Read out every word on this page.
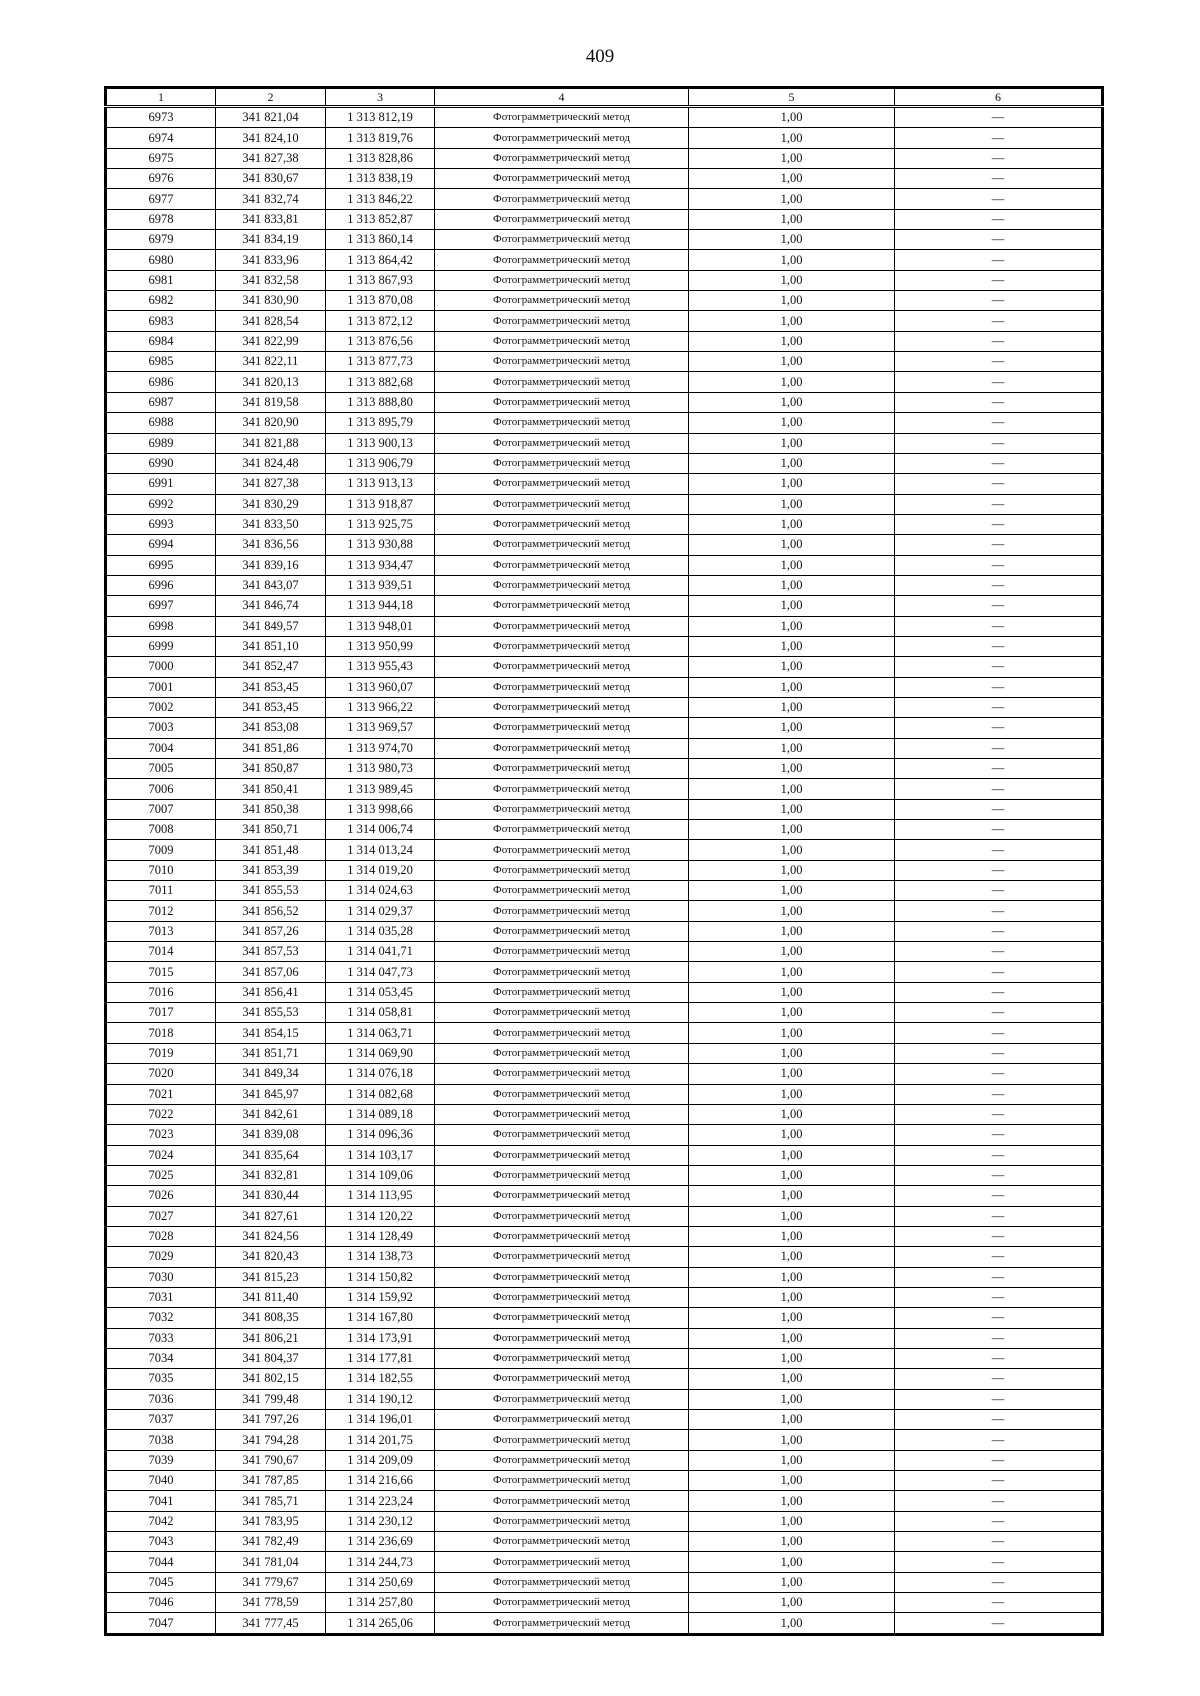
409
1	2	3	4	5	6
6973	341 821,04	1 313 812,19	Фотограмметрический метод	1,00	—
6974	341 824,10	1 313 819,76	Фотограмметрический метод	1,00	—
6975	341 827,38	1 313 828,86	Фотограмметрический метод	1,00	—
6976	341 830,67	1 313 838,19	Фотограмметрический метод	1,00	—
6977	341 832,74	1 313 846,22	Фотограмметрический метод	1,00	—
6978	341 833,81	1 313 852,87	Фотограмметрический метод	1,00	—
6979	341 834,19	1 313 860,14	Фотограмметрический метод	1,00	—
6980	341 833,96	1 313 864,42	Фотограмметрический метод	1,00	—
6981	341 832,58	1 313 867,93	Фотограмметрический метод	1,00	—
6982	341 830,90	1 313 870,08	Фотограмметрический метод	1,00	—
6983	341 828,54	1 313 872,12	Фотограмметрический метод	1,00	—
6984	341 822,99	1 313 876,56	Фотограмметрический метод	1,00	—
6985	341 822,11	1 313 877,73	Фотограмметрический метод	1,00	—
6986	341 820,13	1 313 882,68	Фотограмметрический метод	1,00	—
6987	341 819,58	1 313 888,80	Фотограмметрический метод	1,00	—
6988	341 820,90	1 313 895,79	Фотограмметрический метод	1,00	—
6989	341 821,88	1 313 900,13	Фотограмметрический метод	1,00	—
6990	341 824,48	1 313 906,79	Фотограмметрический метод	1,00	—
6991	341 827,38	1 313 913,13	Фотограмметрический метод	1,00	—
6992	341 830,29	1 313 918,87	Фотограмметрический метод	1,00	—
6993	341 833,50	1 313 925,75	Фотограмметрический метод	1,00	—
6994	341 836,56	1 313 930,88	Фотограмметрический метод	1,00	—
6995	341 839,16	1 313 934,47	Фотограмметрический метод	1,00	—
6996	341 843,07	1 313 939,51	Фотограмметрический метод	1,00	—
6997	341 846,74	1 313 944,18	Фотограмметрический метод	1,00	—
6998	341 849,57	1 313 948,01	Фотограмметрический метод	1,00	—
6999	341 851,10	1 313 950,99	Фотограмметрический метод	1,00	—
7000	341 852,47	1 313 955,43	Фотограмметрический метод	1,00	—
7001	341 853,45	1 313 960,07	Фотограмметрический метод	1,00	—
7002	341 853,45	1 313 966,22	Фотограмметрический метод	1,00	—
7003	341 853,08	1 313 969,57	Фотограмметрический метод	1,00	—
7004	341 851,86	1 313 974,70	Фотограмметрический метод	1,00	—
7005	341 850,87	1 313 980,73	Фотограмметрический метод	1,00	—
7006	341 850,41	1 313 989,45	Фотограмметрический метод	1,00	—
7007	341 850,38	1 313 998,66	Фотограмметрический метод	1,00	—
7008	341 850,71	1 314 006,74	Фотограмметрический метод	1,00	—
7009	341 851,48	1 314 013,24	Фотограмметрический метод	1,00	—
7010	341 853,39	1 314 019,20	Фотограмметрический метод	1,00	—
7011	341 855,53	1 314 024,63	Фотограмметрический метод	1,00	—
7012	341 856,52	1 314 029,37	Фотограмметрический метод	1,00	—
7013	341 857,26	1 314 035,28	Фотограмметрический метод	1,00	—
7014	341 857,53	1 314 041,71	Фотограмметрический метод	1,00	—
7015	341 857,06	1 314 047,73	Фотограмметрический метод	1,00	—
7016	341 856,41	1 314 053,45	Фотограмметрический метод	1,00	—
7017	341 855,53	1 314 058,81	Фотограмметрический метод	1,00	—
7018	341 854,15	1 314 063,71	Фотограмметрический метод	1,00	—
7019	341 851,71	1 314 069,90	Фотограмметрический метод	1,00	—
7020	341 849,34	1 314 076,18	Фотограмметрический метод	1,00	—
7021	341 845,97	1 314 082,68	Фотограмметрический метод	1,00	—
7022	341 842,61	1 314 089,18	Фотограмметрический метод	1,00	—
7023	341 839,08	1 314 096,36	Фотограмметрический метод	1,00	—
7024	341 835,64	1 314 103,17	Фотограмметрический метод	1,00	—
7025	341 832,81	1 314 109,06	Фотограмметрический метод	1,00	—
7026	341 830,44	1 314 113,95	Фотограмметрический метод	1,00	—
7027	341 827,61	1 314 120,22	Фотограмметрический метод	1,00	—
7028	341 824,56	1 314 128,49	Фотограмметрический метод	1,00	—
7029	341 820,43	1 314 138,73	Фотограмметрический метод	1,00	—
7030	341 815,23	1 314 150,82	Фотограмметрический метод	1,00	—
7031	341 811,40	1 314 159,92	Фотограмметрический метод	1,00	—
7032	341 808,35	1 314 167,80	Фотограмметрический метод	1,00	—
7033	341 806,21	1 314 173,91	Фотограмметрический метод	1,00	—
7034	341 804,37	1 314 177,81	Фотограмметрический метод	1,00	—
7035	341 802,15	1 314 182,55	Фотограмметрический метод	1,00	—
7036	341 799,48	1 314 190,12	Фотограмметрический метод	1,00	—
7037	341 797,26	1 314 196,01	Фотограмметрический метод	1,00	—
7038	341 794,28	1 314 201,75	Фотограмметрический метод	1,00	—
7039	341 790,67	1 314 209,09	Фотограмметрический метод	1,00	—
7040	341 787,85	1 314 216,66	Фотограмметрический метод	1,00	—
7041	341 785,71	1 314 223,24	Фотограмметрический метод	1,00	—
7042	341 783,95	1 314 230,12	Фотограмметрический метод	1,00	—
7043	341 782,49	1 314 236,69	Фотограмметрический метод	1,00	—
7044	341 781,04	1 314 244,73	Фотограмметрический метод	1,00	—
7045	341 779,67	1 314 250,69	Фотограмметрический метод	1,00	—
7046	341 778,59	1 314 257,80	Фотограмметрический метод	1,00	—
7047	341 777,45	1 314 265,06	Фотограмметрический метод	1,00	—
